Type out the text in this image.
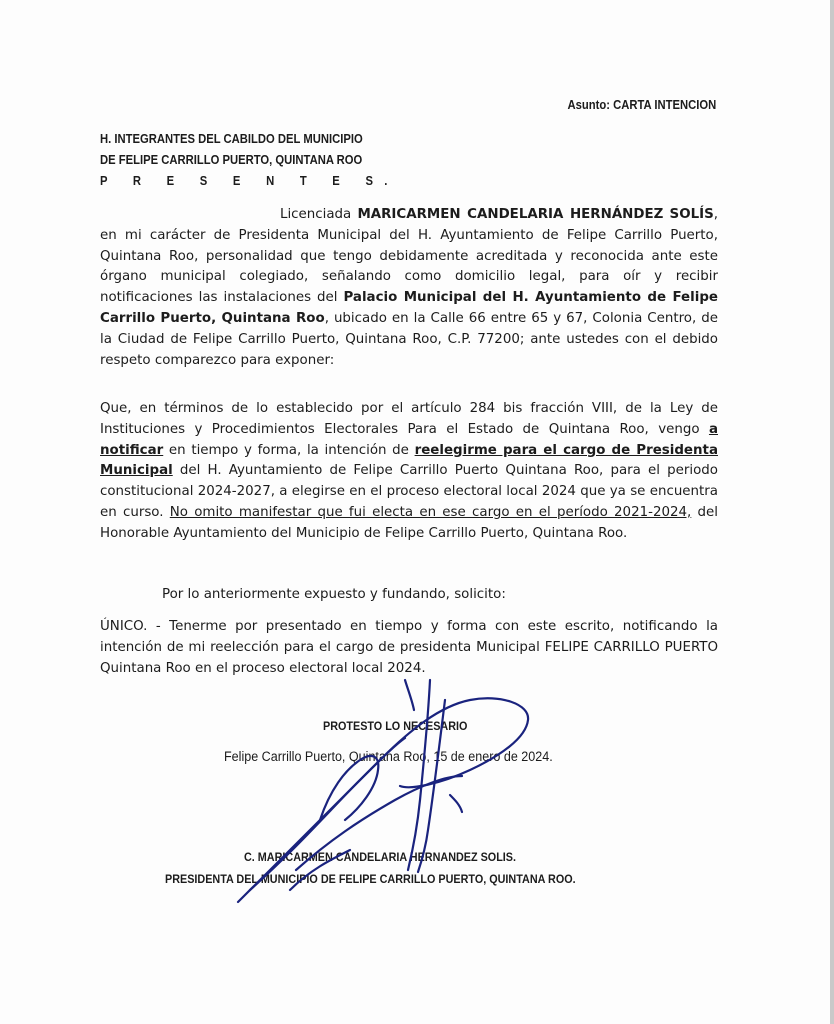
Asunto: CARTA INTENCION
H. INTEGRANTES DEL CABILDO DEL MUNICIPIO
DE FELIPE CARRILLO PUERTO, QUINTANA ROO
P R E S E N T E S.
Licenciada MARICARMEN CANDELARIA HERNÁNDEZ SOLÍS, en mi carácter de Presidenta Municipal del H. Ayuntamiento de Felipe Carrillo Puerto, Quintana Roo, personalidad que tengo debidamente acreditada y reconocida ante este órgano municipal colegiado, señalando como domicilio legal, para oír y recibir notificaciones las instalaciones del Palacio Municipal del H. Ayuntamiento de Felipe Carrillo Puerto, Quintana Roo, ubicado en la Calle 66 entre 65 y 67, Colonia Centro, de la Ciudad de Felipe Carrillo Puerto, Quintana Roo, C.P. 77200; ante ustedes con el debido respeto comparezco para exponer:
Que, en términos de lo establecido por el artículo 284 bis fracción VIII, de la Ley de Instituciones y Procedimientos Electorales Para el Estado de Quintana Roo, vengo a notificar en tiempo y forma, la intención de reelegirme para el cargo de Presidenta Municipal del H. Ayuntamiento de Felipe Carrillo Puerto Quintana Roo, para el periodo constitucional 2024-2027, a elegirse en el proceso electoral local 2024 que ya se encuentra en curso. No omito manifestar que fui electa en ese cargo en el período 2021-2024, del Honorable Ayuntamiento del Municipio de Felipe Carrillo Puerto, Quintana Roo.
Por lo anteriormente expuesto y fundando, solicito:
ÚNICO. - Tenerme por presentado en tiempo y forma con este escrito, notificando la intención de mi reelección para el cargo de presidenta Municipal FELIPE CARRILLO PUERTO Quintana Roo en el proceso electoral local 2024.
PROTESTO LO NECESARIO
Felipe Carrillo Puerto, Quintana Roo, 15 de enero de 2024.
C. MARICARMEN CANDELARIA HERNANDEZ SOLIS.
PRESIDENTA DEL MUNICIPIO DE FELIPE CARRILLO PUERTO, QUINTANA ROO.
